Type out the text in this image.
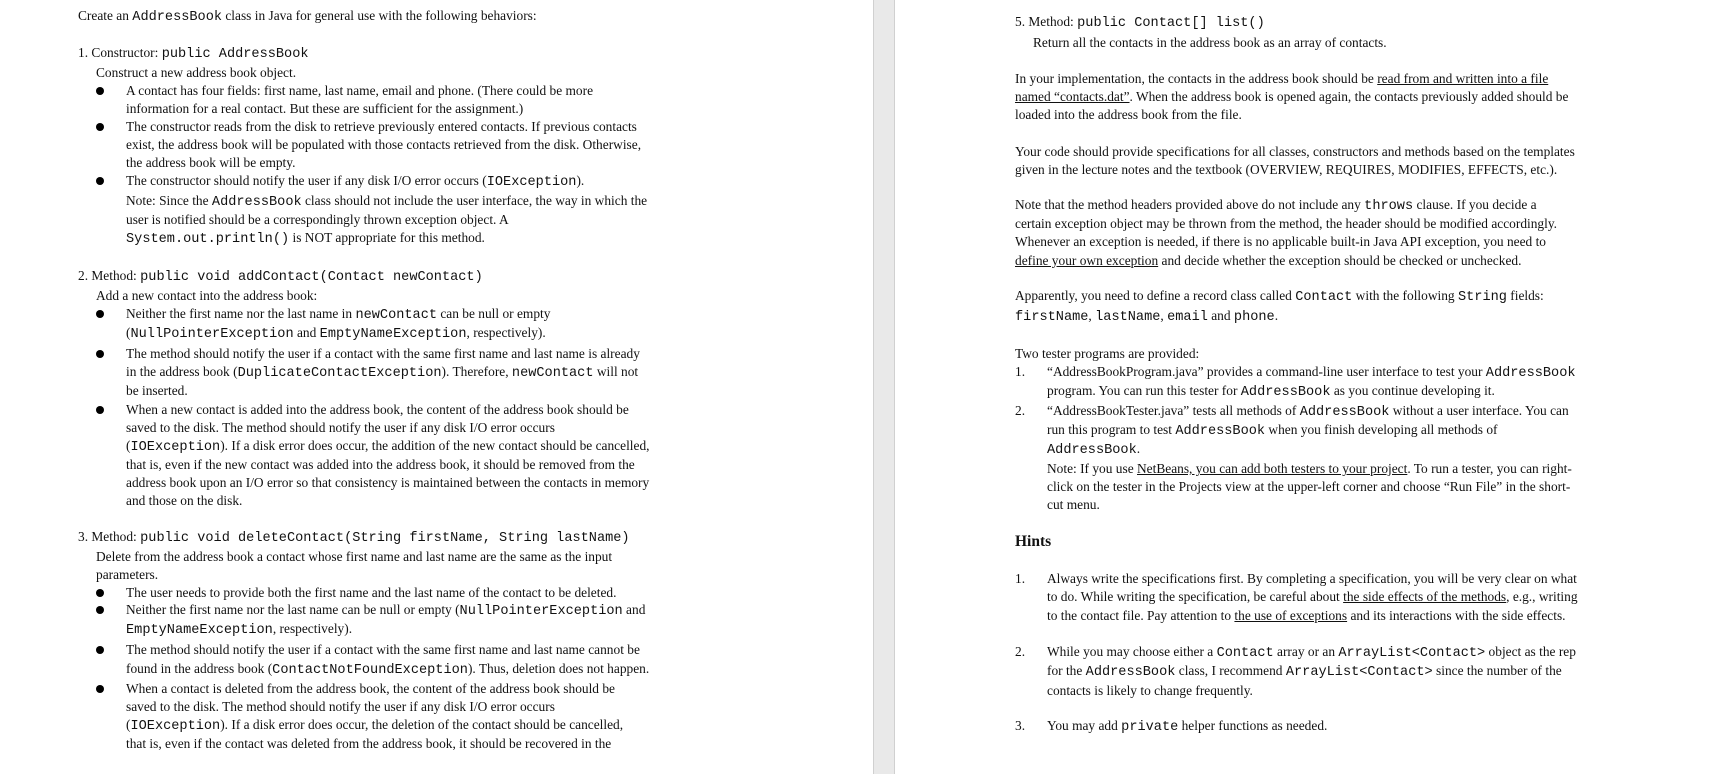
Create an AddressBook class in Java for general use with the following behaviors:
1. Constructor: public AddressBook
Construct a new address book object.
A contact has four fields: first name, last name, email and phone. (There could be more
information for a real contact. But these are sufficient for the assignment.)
The constructor reads from the disk to retrieve previously entered contacts. If previous contacts
exist, the address book will be populated with those contacts retrieved from the disk. Otherwise,
the address book will be empty.
The constructor should notify the user if any disk I/O error occurs (IOException).
Note: Since the AddressBook class should not include the user interface, the way in which the
user is notified should be a correspondingly thrown exception object. A
System.out.println() is NOT appropriate for this method.
2. Method: public void addContact(Contact newContact)
Add a new contact into the address book:
Neither the first name nor the last name in newContact can be null or empty
(NullPointerException and EmptyNameException, respectively).
The method should notify the user if a contact with the same first name and last name is already
in the address book (DuplicateContactException). Therefore, newContact will not
be inserted.
When a new contact is added into the address book, the content of the address book should be
saved to the disk. The method should notify the user if any disk I/O error occurs
(IOException). If a disk error does occur, the addition of the new contact should be cancelled,
that is, even if the new contact was added into the address book, it should be removed from the
address book upon an I/O error so that consistency is maintained between the contacts in memory
and those on the disk.
3. Method: public void deleteContact(String firstName, String lastName)
Delete from the address book a contact whose first name and last name are the same as the input
parameters.
The user needs to provide both the first name and the last name of the contact to be deleted.
Neither the first name nor the last name can be null or empty (NullPointerException and
EmptyNameException, respectively).
The method should notify the user if a contact with the same first name and last name cannot be
found in the address book (ContactNotFoundException). Thus, deletion does not happen.
When a contact is deleted from the address book, the content of the address book should be
saved to the disk. The method should notify the user if any disk I/O error occurs
(IOException). If a disk error does occur, the deletion of the contact should be cancelled,
that is, even if the contact was deleted from the address book, it should be recovered in the
5. Method: public Contact[] list()
Return all the contacts in the address book as an array of contacts.
In your implementation, the contacts in the address book should be read from and written into a file
named “contacts.dat”. When the address book is opened again, the contacts previously added should be
loaded into the address book from the file.
Your code should provide specifications for all classes, constructors and methods based on the templates
given in the lecture notes and the textbook (OVERVIEW, REQUIRES, MODIFIES, EFFECTS, etc.).
Note that the method headers provided above do not include any throws clause. If you decide a
certain exception object may be thrown from the method, the header should be modified accordingly.
Whenever an exception is needed, if there is no applicable built-in Java API exception, you need to
define your own exception and decide whether the exception should be checked or unchecked.
Apparently, you need to define a record class called Contact with the following String fields:
firstName, lastName, email and phone.
Two tester programs are provided:
1. “AddressBookProgram.java” provides a command-line user interface to test your AddressBook
program. You can run this tester for AddressBook as you continue developing it.
2. “AddressBookTester.java” tests all methods of AddressBook without a user interface. You can
run this program to test AddressBook when you finish developing all methods of
AddressBook.
Note: If you use NetBeans, you can add both testers to your project. To run a tester, you can right-
click on the tester in the Projects view at the upper-left corner and choose “Run File” in the short-
cut menu.
Hints
1. Always write the specifications first. By completing a specification, you will be very clear on what
to do. While writing the specification, be careful about the side effects of the methods, e.g., writing
to the contact file. Pay attention to the use of exceptions and its interactions with the side effects.
2. While you may choose either a Contact array or an ArrayList<Contact> object as the rep
for the AddressBook class, I recommend ArrayList<Contact> since the number of the
contacts is likely to change frequently.
3. You may add private helper functions as needed.
